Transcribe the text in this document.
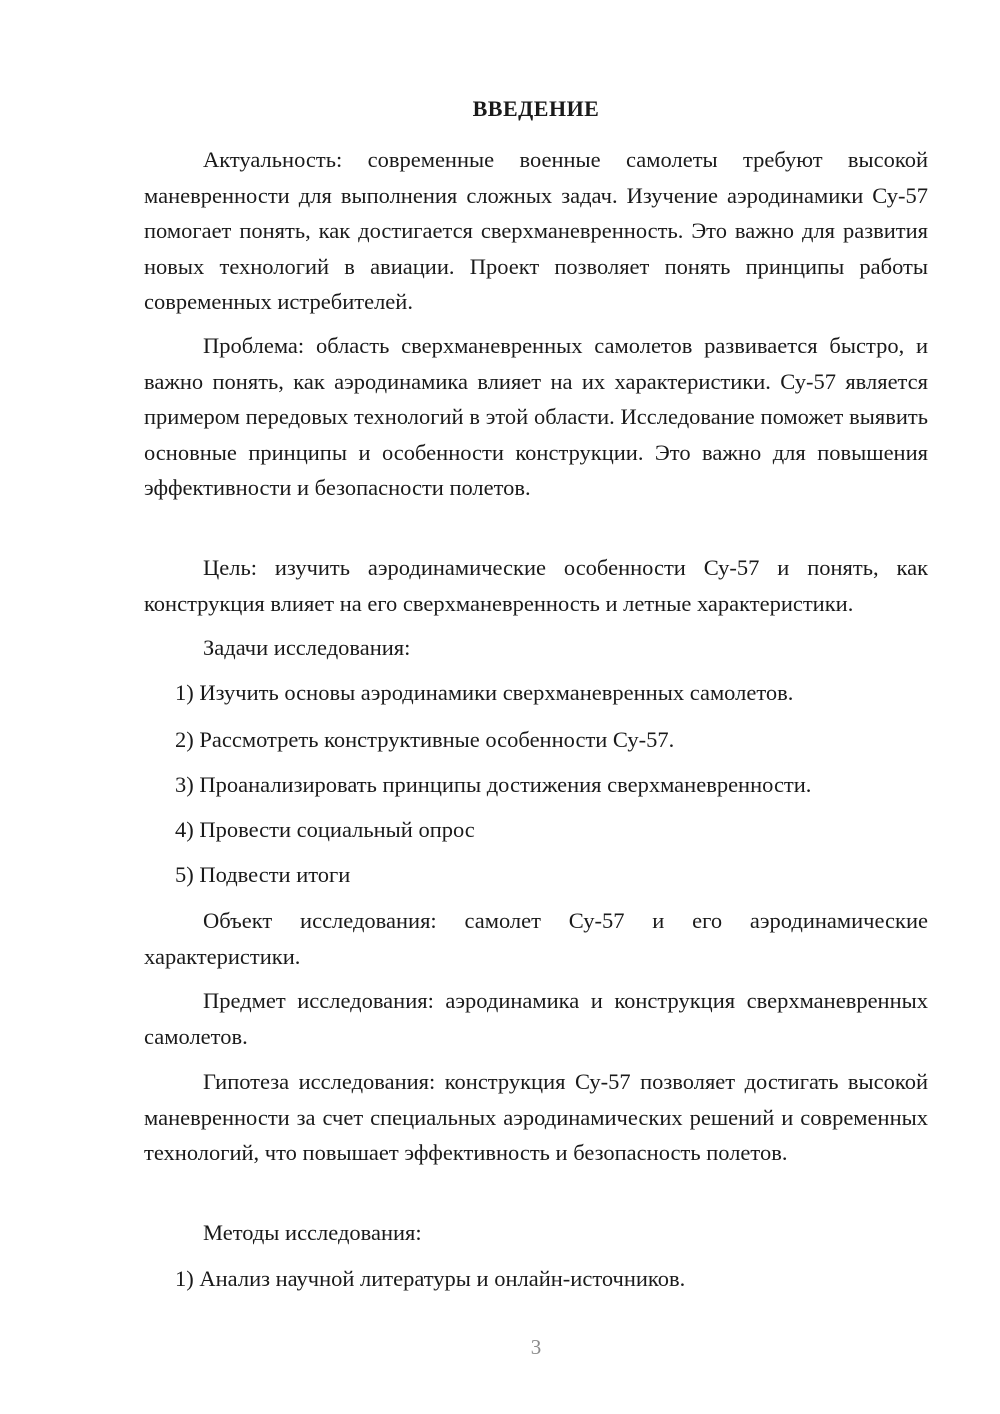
ВВЕДЕНИЕ

Актуальность: современные военные самолеты требуют высокой маневренности для выполнения сложных задач. Изучение аэродинамики Су-57 помогает понять, как достигается сверхманевренность. Это важно для развития новых технологий в авиации. Проект позволяет понять принципы работы современных истребителей.

Проблема: область сверхманевренных самолетов развивается быстро, и важно понять, как аэродинамика влияет на их характеристики. Су-57 является примером передовых технологий в этой области. Исследование поможет выявить основные принципы и особенности конструкции. Это важно для повышения эффективности и безопасности полетов.

Цель: изучить аэродинамические особенности Су-57 и понять, как конструкция влияет на его сверхманевренность и летные характеристики.

Задачи исследования:

1) Изучить основы аэродинамики сверхманевренных самолетов.

2) Рассмотреть конструктивные особенности Су-57.

3) Проанализировать принципы достижения сверхманевренности.

4) Провести социальный опрос

5) Подвести итоги

Объект исследования: самолет Су-57 и его аэродинамические характеристики.

Предмет исследования: аэродинамика и конструкция сверхманевренных самолетов.

Гипотеза исследования: конструкция Су-57 позволяет достигать высокой маневренности за счет специальных аэродинамических решений и современных технологий, что повышает эффективность и безопасность полетов.

Методы исследования:

1) Анализ научной литературы и онлайн-источников.

3
